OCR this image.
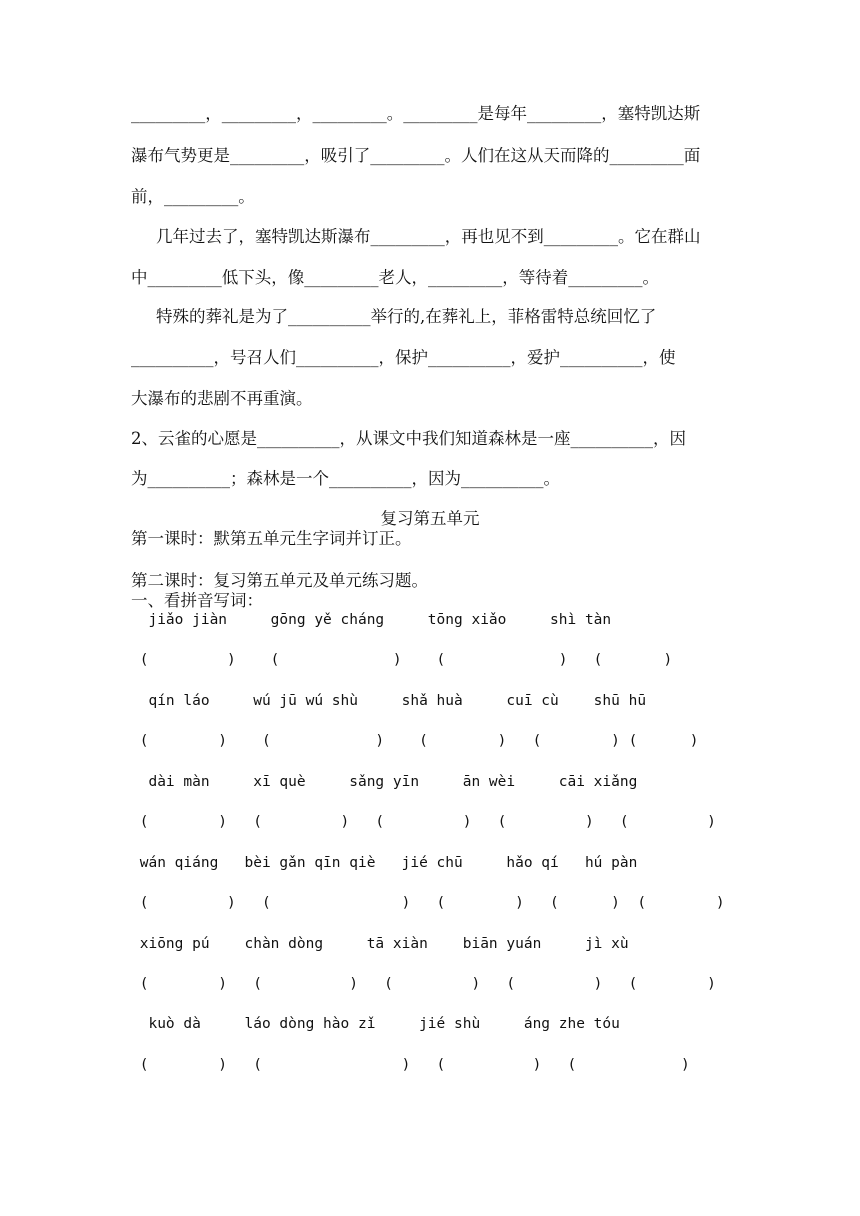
_________，_________，_________。_________是每年_________，塞特凯达斯
瀑布气势更是_________，吸引了_________。人们在这从天而降的_________面
前，_________。
几年过去了，塞特凯达斯瀑布_________，再也见不到_________。它在群山
中_________低下头，像_________老人，_________，等待着_________。
特殊的葬礼是为了__________举行的,在葬礼上，菲格雷特总统回忆了
__________，号召人们__________，保护__________，爱护__________，使
大瀑布的悲剧不再重演。
2、云雀的心愿是__________，从课文中我们知道森林是一座__________，因
为__________；森林是一个__________，因为__________。
复习第五单元
第一课时：默第五单元生字词并订正。
第二课时：复习第五单元及单元练习题。
一、看拼音写词：
jiǎo jiàn     gōng yě cháng     tōng xiǎo     shì tàn
(         )    (             )    (             )   (       )
qín láo     wú jū wú shù     shǎ huà     cuī cù    shū hū
(        )    (            )    (        )   (        ) (      )
dài màn     xī què     sǎng yīn     ān wèi     cāi xiǎng
(        )   (         )   (         )   (         )   (         )
wán qiáng   bèi gǎn qīn qiè   jié chū     hǎo qí   hú pàn
(         )   (               )   (        )   (      )  (        )
xiōng pú    chàn dòng     tā xiàn    biān yuán     jì xù
(        )   (          )   (         )   (         )   (        )
kuò dà     láo dòng hào zǐ     jié shù     áng zhe tóu
(        )   (                )   (          )   (            )
